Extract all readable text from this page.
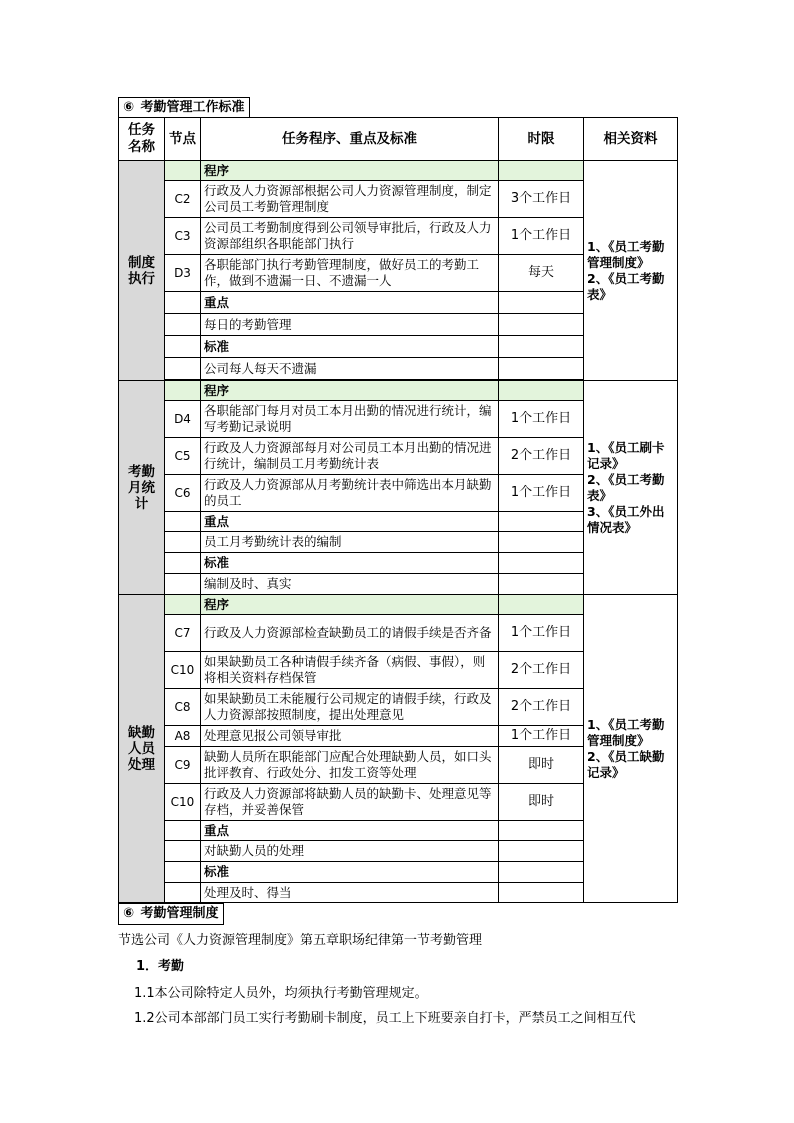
⑥ 考勤管理工作标准
任务名称	节点	任务程序、重点及标准	时限	相关资料
制度执行		程序		1、《员工考勤管理制度》
2、《员工考勤表》

	C2	行政及人力资源部根据公司人力资源管理制度，制定公司员工考勤管理制度	3个工作日	
	C3	公司员工考勤制度得到公司领导审批后，行政及人力资源部组织各职能部门执行	1个工作日	
	D3	各职能部门执行考勤管理制度，做好员工的考勤工作，做到不遗漏一日、不遗漏一人	每天	
		重点		
		每日的考勤管理		
		标准		
		公司每人每天不遗漏		

考勤月统计		程序		1、《员工刷卡记录》
2、《员工考勤表》
3、《员工外出情况表》

	D4	各职能部门每月对员工本月出勤的情况进行统计，编写考勤记录说明	1个工作日	
	C5	行政及人力资源部每月对公司员工本月出勤的情况进行统计，编制员工月考勤统计表	2个工作日	
	C6	行政及人力资源部从月考勤统计表中筛选出本月缺勤的员工	1个工作日	
		重点		
		员工月考勤统计表的编制		
		标准		
		编制及时、真实		
缺勤人员处理		程序		1、《员工考勤管理制度》
2、《员工缺勤记录》

	C7	行政及人力资源部检查缺勤员工的请假手续是否齐备	1个工作日	
	C10	如果缺勤员工各种请假手续齐备（病假、事假），则将相关资料存档保管	2个工作日	
	C8	如果缺勤员工未能履行公司规定的请假手续，行政及人力资源部按照制度，提出处理意见	2个工作日	
	A8	处理意见报公司领导审批	1个工作日	
	C9	缺勤人员所在职能部门应配合处理缺勤人员，如口头批评教育、行政处分、扣发工资等处理	即时	
	C10	行政及人力资源部将缺勤人员的缺勤卡、处理意见等存档，并妥善保管	即时	
		重点		
		对缺勤人员的处理		
		标准		
		处理及时、得当		
⑥ 考勤管理制度
节选公司《人力资源管理制度》第五章职场纪律第一节考勤管理
1．考勤
1.1本公司除特定人员外，均须执行考勤管理规定。
1.2公司本部部门员工实行考勤刷卡制度，员工上下班要亲自打卡，严禁员工之间相互代
